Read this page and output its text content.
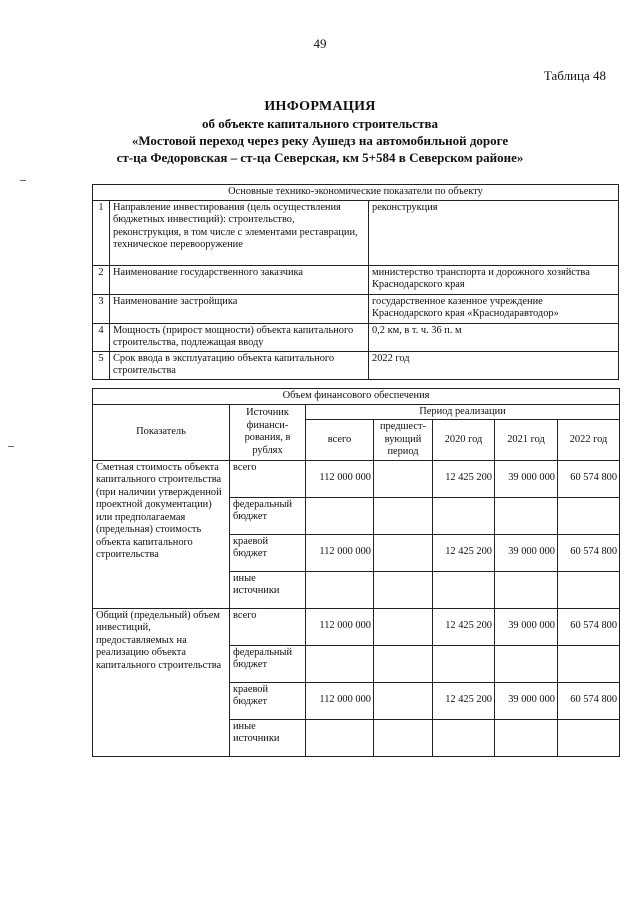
49
Таблица 48
ИНФОРМАЦИЯ
об объекте капитального строительства
«Мостовой переход через реку Аушедз на автомобильной дороге
ст-ца Федоровская – ст-ца Северская, км 5+584 в Северском районе»
Основные технико-экономические показатели по объекту		
1	Направление инвестирования (цель осуществления бюджетных инвестиций): строительство, реконструкция, в том числе с элементами реставрации, техническое перевооружение	реконструкция
2	Наименование государственного заказчика	министерство транспорта и дорожного хозяйства Краснодарского края
3	Наименование застройщика	государственное казенное учреждение Краснодарского края «Краснодаравтодор»
4	Мощность (прирост мощности) объекта капитального строительства, подлежащая вводу	0,2 км, в т. ч. 36 п. м
5	Срок ввода в эксплуатацию объекта капитального строительства	2022 год
Объем финансового обеспечения						
Показатель	Источник финанси-рования, в рублях	Период реализации				
		всего	предшест-вующий период	2020 год	2021 год	2022 год
Сметная стоимость объекта капитального строительства (при наличии утвержденной проектной документации) или предполагаемая (предельная) стоимость объекта капитального строительства	всего	112 000 000		12 425 200	39 000 000	60 574 800
	федеральный бюджет					
	краевой бюджет	112 000 000		12 425 200	39 000 000	60 574 800
	иные источники					
Общий (предельный) объем инвестиций, предоставляемых на реализацию объекта капитального строительства	всего	112 000 000		12 425 200	39 000 000	60 574 800
	федеральный бюджет					
	краевой бюджет	112 000 000		12 425 200	39 000 000	60 574 800
	иные источники					
